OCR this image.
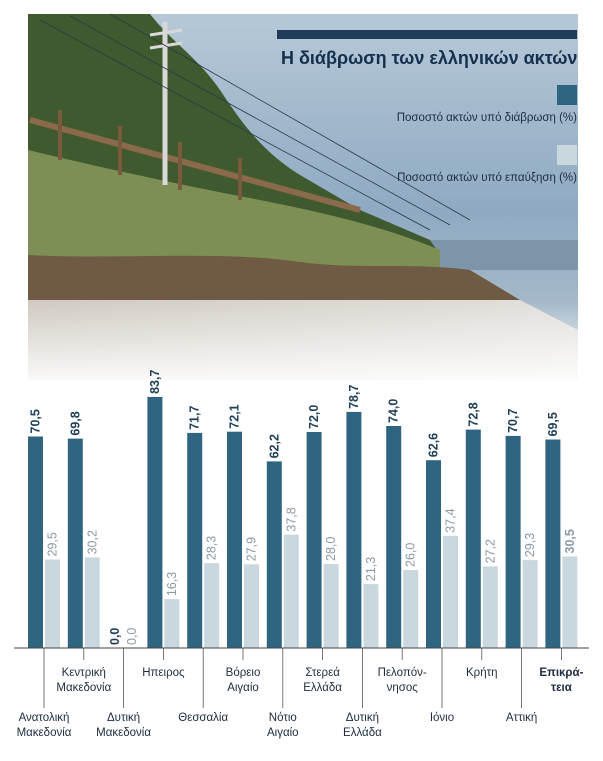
70,5
29,5
69,8
30,2
0,0 0,0
83,7
16,3
71,7
28,3
72,1
27,9
62,2
37,8
72,0
28,0
78,7
21,3
74,0
26,0
62,6
37,4
72,8
27,2
70,7
29,3
69,5
30,5
Ανατολική Μακεδονία
Κεντρική Μακεδονία
Δυτική Μακεδονία
Ηπειρος
Θεσσαλία
Βόρειο Αιγαίο
Νότιο Αιγαίο
Στερεά Ελλάδα
Δυτική Ελλάδα
Πελοπόν-νησος
Ιόνιο
Κρήτη
Αττική
Επικρά-τεια
Η διάβρωση των ελληνικών ακτών
Ποσοστό ακτών υπό διάβρωση (%)
Ποσοστό ακτών υπό επαύξηση (%)
